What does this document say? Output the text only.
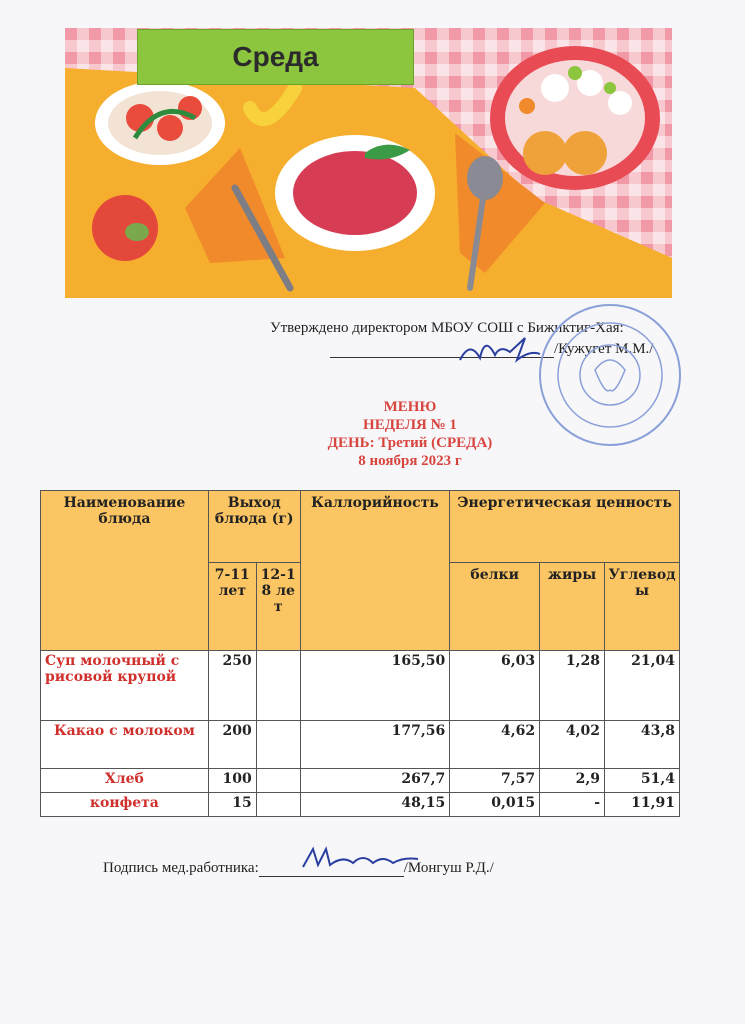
Среда
Утверждено директором МБОУ СОШ с Бижиктиг-Хая:
/Кужугет М.М./
МЕНЮ
НЕДЕЛЯ № 1
ДЕНЬ: Третий (СРЕДА)
8 ноября 2023 г
Наименование блюда	Выход блюда (г)		Каллорийность	Энергетическая ценность		
	7-11 лет	12-18 лет		белки	жиры	Углеводы
Суп молочный с рисовой крупой	250		165,50	6,03	1,28	21,04
Какао с молоком	200		177,56	4,62	4,02	43,8
Хлеб	100		267,7	7,57	2,9	51,4
конфета	15		48,15	0,015	-	11,91
Подпись мед.работника:	/Монгуш Р.Д./
